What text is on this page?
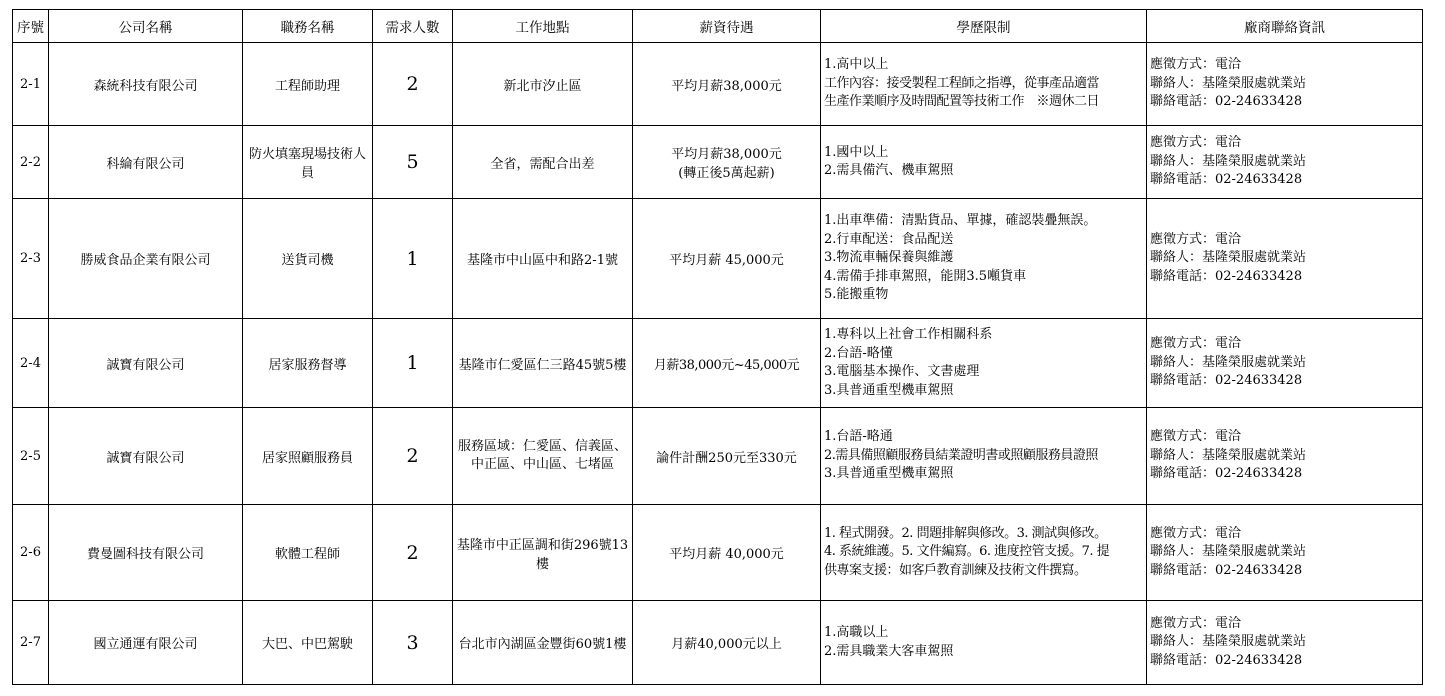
序號	公司名稱	職務名稱	需求人數	工作地點	薪資待遇	學歷限制	廠商聯絡資訊
2-1	森統科技有限公司	工程師助理	2	新北市汐止區	平均月薪38,000元	1.高中以上
工作內容：接受製程工程師之指導，從事產品適當
生產作業順序及時間配置等技術工作　※週休二日	應徵方式：電洽
聯絡人：基隆榮服處就業站
聯絡電話：02-24633428

2-2	科綸有限公司	防火填塞現場技術人員	5	全省，需配合出差	平均月薪38,000元
(轉正後5萬起薪)	1.國中以上
2.需具備汽、機車駕照	應徵方式：電洽
聯絡人：基隆榮服處就業站
聯絡電話：02-24633428

2-3	勝威食品企業有限公司	送貨司機	1	基隆市中山區中和路2-1號	平均月薪 45,000元	1.出車準備：清點貨品、單據，確認裝疊無誤。
2.行車配送：食品配送
3.物流車輛保養與維護
4.需備手排車駕照，能開3.5噸貨車
5.能搬重物	應徵方式：電洽
聯絡人：基隆榮服處就業站
聯絡電話：02-24633428

2-4	誠寶有限公司	居家服務督導	1	基隆市仁愛區仁三路45號5樓	月薪38,000元~45,000元	1.專科以上社會工作相關科系
2.台語-略懂
3.電腦基本操作、文書處理
3.具普通重型機車駕照	應徵方式：電洽
聯絡人：基隆榮服處就業站
聯絡電話：02-24633428

2-5	誠寶有限公司	居家照顧服務員	2	服務區域：仁愛區、信義區、中正區、中山區、七堵區	論件計酬250元至330元	1.台語-略通
2.需具備照顧服務員結業證明書或照顧服務員證照
3.具普通重型機車駕照	應徵方式：電洽
聯絡人：基隆榮服處就業站
聯絡電話：02-24633428

2-6	費曼圖科技有限公司	軟體工程師	2	基隆市中正區調和街296號13樓	平均月薪 40,000元	1. 程式開發。2. 問題排解與修改。3. 測試與修改。
4. 系統維護。5. 文件編寫。6. 進度控管支援。7. 提
供專案支援：如客戶教育訓練及技術文件撰寫。	應徵方式：電洽
聯絡人：基隆榮服處就業站
聯絡電話：02-24633428

2-7	國立通運有限公司	大巴、中巴駕駛	3	台北市內湖區金豐街60號1樓	月薪40,000元以上	1.高職以上
2.需具職業大客車駕照	應徵方式：電洽
聯絡人：基隆榮服處就業站
聯絡電話：02-24633428
